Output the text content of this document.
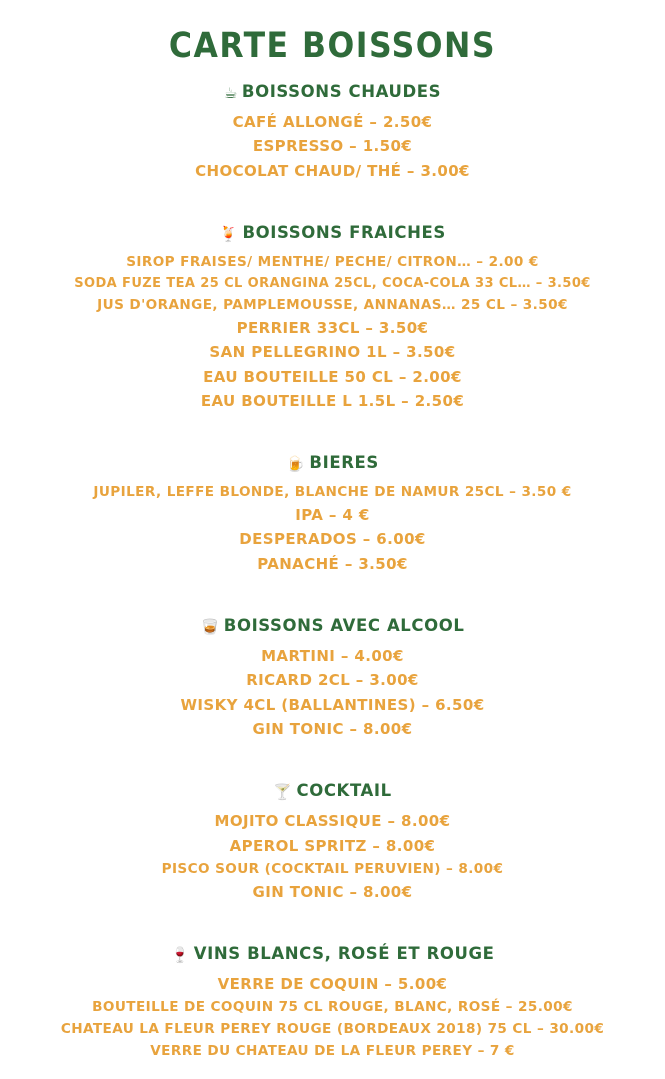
CARTE BOISSONS
☕ BOISSONS CHAUDES
CAFÉ ALLONGÉ – 2.50€
ESPRESSO – 1.50€
CHOCOLAT CHAUD/ THÉ – 3.00€
🍹 BOISSONS FRAICHES
SIROP FRAISES/ MENTHE/ PECHE/ CITRON… – 2.00 €
SODA FUZE TEA 25 CL ORANGINA 25CL, COCA-COLA 33 CL… – 3.50€
JUS D'ORANGE, PAMPLEMOUSSE, ANNANAS… 25 CL – 3.50€
PERRIER 33CL – 3.50€
SAN PELLEGRINO 1L – 3.50€
EAU BOUTEILLE 50 CL – 2.00€
EAU BOUTEILLE L 1.5L – 2.50€
🍺 BIERES
JUPILER, LEFFE BLONDE, BLANCHE DE NAMUR 25CL – 3.50 €
IPA – 4 €
DESPERADOS – 6.00€
PANACHÉ – 3.50€
🥃 BOISSONS AVEC ALCOOL
MARTINI – 4.00€
RICARD 2CL – 3.00€
WISKY 4CL (BALLANTINES) – 6.50€
GIN TONIC – 8.00€
🍸 COCKTAIL
MOJITO CLASSIQUE – 8.00€
APEROL SPRITZ – 8.00€
PISCO SOUR (COCKTAIL PERUVIEN) – 8.00€
GIN TONIC – 8.00€
🍷 VINS BLANCS, ROSÉ ET ROUGE
VERRE DE COQUIN – 5.00€
BOUTEILLE DE COQUIN 75 CL ROUGE, BLANC, ROSÉ – 25.00€
CHATEAU LA FLEUR PEREY ROUGE (BORDEAUX 2018) 75 CL – 30.00€
VERRE DU CHATEAU DE LA FLEUR PEREY – 7 €
